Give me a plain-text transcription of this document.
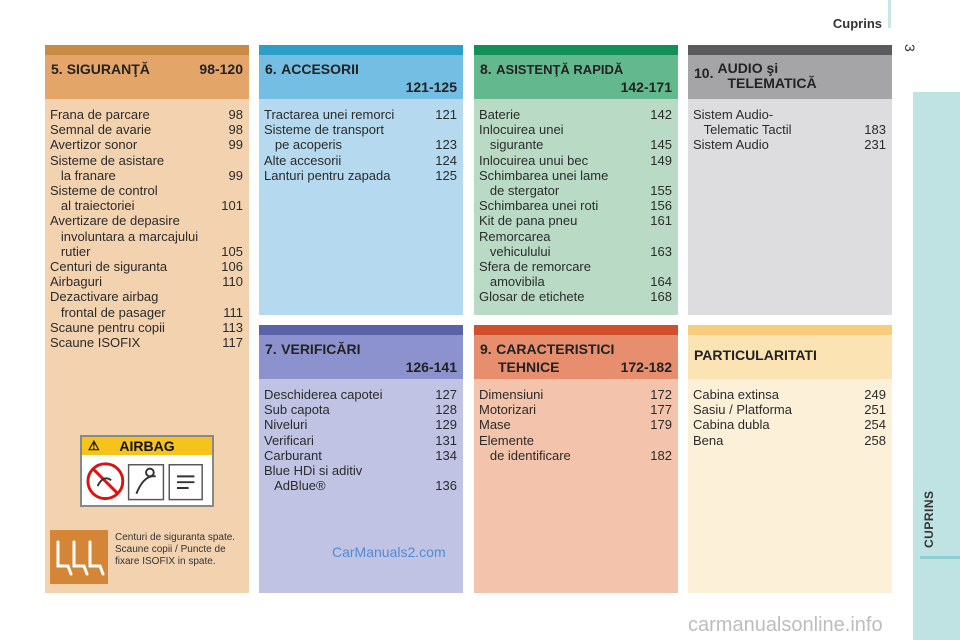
Cuprins
3
CUPRINS
5. SIGURANŢĂ	98-120
Frana de parcare	98
Semnal de avarie	98
Avertizor sonor	99
Sisteme de asistare
la franare	99
Sisteme de control
al traiectoriei	101
Avertizare de depasire
involuntara a marcajului
rutier	105
Centuri de siguranta	106
Airbaguri	110
Dezactivare airbag
frontal de pasager	111
Scaune pentru copii	113
Scaune ISOFIX	117
6. ACCESORII
121-125
Tractarea unei remorci	121
Sisteme de transport
pe acoperis	123
Alte accesorii	124
Lanturi pentru zapada	125
8. ASISTENŢĂ RAPIDĂ
142-171
Baterie	142
Inlocuirea unei
sigurante	145
Inlocuirea unui bec	149
Schimbarea unei lame
de stergator	155
Schimbarea unei roti	156
Kit de pana pneu	161
Remorcarea
vehiculului	163
Sfera de remorcare
amovibila	164
Glosar de etichete	168
10. AUDIO şi
TELEMATICĂ
Sistem Audio-
Telematic Tactil	183
Sistem Audio	231
7. VERIFICĂRI
126-141
Deschiderea capotei	127
Sub capota	128
Niveluri	129
Verificari	131
Carburant	134
Blue HDi si aditiv
AdBlue®	136
9. CARACTERISTICI
TEHNICE	172-182
Dimensiuni	172
Motorizari	177
Mase	179
Elemente
de identificare	182
PARTICULARITATI
Cabina extinsa	249
Sasiu / Platforma	251
Cabina dubla	254
Bena	258
⚠ AIRBAG
Centuri de siguranta spate. Scaune copii / Puncte de fixare ISOFIX in spate.
CarManuals2.com
carmanualsonline.info
